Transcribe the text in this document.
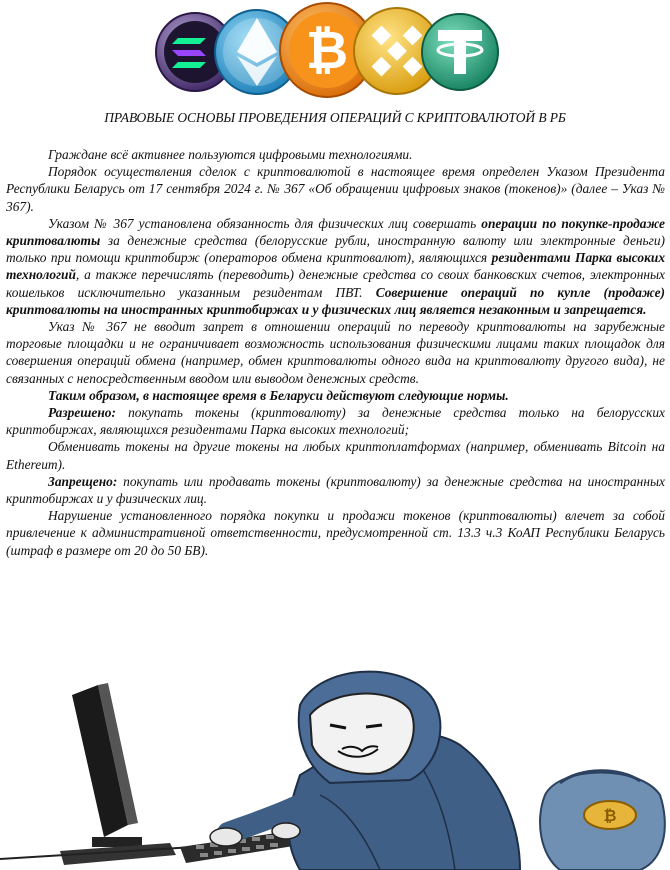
₿
ПРАВОВЫЕ ОСНОВЫ ПРОВЕДЕНИЯ ОПЕРАЦИЙ С КРИПТОВАЛЮТОЙ В РБ

Граждане всё активнее пользуются цифровыми технологиями.

Порядок осуществления сделок с криптовалютой в настоящее время определен Указом Президента Республики Беларусь от 17 сентября 2024 г. № 367 «Об обращении цифровых знаков (токенов)» (далее – Указ № 367).

Указом № 367 установлена обязанность для физических лиц совершать операции по покупке-продаже криптовалюты за денежные средства (белорусские рубли, иностранную валюту или электронные деньги) только при помощи криптобирж (операторов обмена криптовалют), являющихся резидентами Парка высоких технологий, а также перечислять (переводить) денежные средства со своих банковских счетов, электронных кошельков исключительно указанным резидентам ПВТ. Совершение операций по купле (продаже) криптовалюты на иностранных криптобиржах и у физических лиц является незаконным и запрещается.

Указ № 367 не вводит запрет в отношении операций по переводу криптовалюты на зарубежные торговые площадки и не ограничивает возможность использования физическими лицами таких площадок для совершения операций обмена (например, обмен криптовалюты одного вида на криптовалюту другого вида), не связанных с непосредственным вводом или выводом денежных средств.

Таким образом, в настоящее время в Беларуси действуют следующие нормы.

Разрешено: покупать токены (криптовалюту) за денежные средства только на белорусских криптобиржах, являющихся резидентами Парка высоких технологий;

Обменивать токены на другие токены на любых криптоплатформах (например, обменивать Bitcoin на Ethereum).

Запрещено: покупать или продавать токены (криптовалюту) за денежные средства на иностранных криптобиржах и у физических лиц.

Нарушение установленного порядка покупки и продажи токенов (криптовалюты) влечет за собой привлечение к административной ответственности, предусмотренной ст. 13.3 ч.3 КоАП Республики Беларусь (штраф в размере от 20 до 50 БВ).

₿
